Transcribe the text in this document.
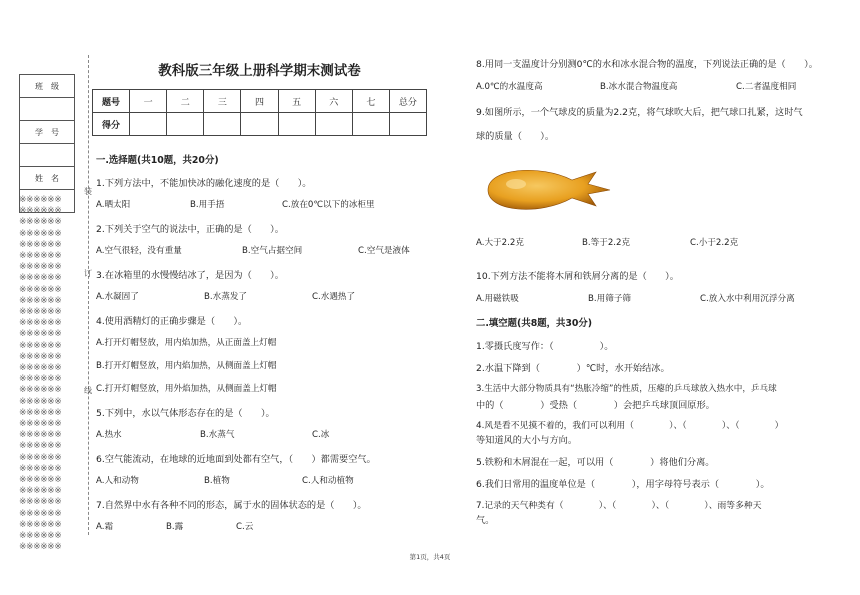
班　级

学　号

姓　名

※※※※※※
※※※※※※
※※※※※※
※※※※※※
※※※※※※
※※※※※※
※※※※※※
※※※※※※
※※※※※※
※※※※※※
※※※※※※
※※※※※※
※※※※※※
※※※※※※
※※※※※※
※※※※※※
※※※※※※
※※※※※※
※※※※※※
※※※※※※
※※※※※※
※※※※※※
※※※※※※
※※※※※※
※※※※※※
※※※※※※
※※※※※※
※※※※※※
※※※※※※
※※※※※※
※※※※※※
※※※※※※
装
订
线
教科版三年级上册科学期末测试卷
题号	一	二	三	四	五	六	七	总分
得分								
一.选择题(共10题，共20分)
1.下列方法中，不能加快冰的融化速度的是（　　）。
A.晒太阳	B.用手捂	C.放在0℃以下的冰柜里
2.下列关于空气的说法中，正确的是（　　）。
A.空气很轻，没有重量	B.空气占据空间	C.空气是液体
3.在冰箱里的水慢慢结冰了，是因为（　　）。
A.水凝固了	B.水蒸发了	C.水遇热了
4.使用酒精灯的正确步骤是（　　）。
A.打开灯帽竖放，用内焰加热，从正面盖上灯帽
B.打开灯帽竖放，用内焰加热，从侧面盖上灯帽
C.打开灯帽竖放，用外焰加热，从侧面盖上灯帽
5.下列中，水以气体形态存在的是（　　）。
A.热水	B.水蒸气	C.冰
6.空气能流动，在地球的近地面到处都有空气，（　　）都需要空气。
A.人和动物	B.植物	C.人和动植物
7.自然界中水有各种不同的形态，属于水的固体状态的是（　　）。
A.霜	B.露	C.云
8.用同一支温度计分别测0℃的水和冰水混合物的温度，下列说法正确的是（　　）。
A.0℃的水温度高	B.冰水混合物温度高	C.二者温度相同
9.如图所示，一个气球皮的质量为2.2克，将气球吹大后，把气球口扎紧，这时气
球的质量（　　）。
A.大于2.2克	B.等于2.2克	C.小于2.2克
10.下列方法不能将木屑和铁屑分离的是（　　）。
A.用磁铁吸	B.用筛子筛	C.放入水中利用沉浮分离
二.填空题(共8题，共30分)
1.零摄氏度写作：（　　　　　）。
2.水温下降到（　　　　）℃时，水开始结冰。
3.生活中大部分物质具有“热胀冷缩”的性质，压瘪的乒乓球放入热水中，乒乓球
中的（　　　　）受热（　　　　）会把乒乓球顶回原形。
4.风是看不见摸不着的，我们可以利用（　　　　）、（　　　　）、（　　　　）
等知道风的大小与方向。
5.铁粉和木屑混在一起，可以用（　　　　）将他们分离。
6.我们日常用的温度单位是（　　　　），用字母符号表示（　　　　）。
7.记录的天气种类有（　　　　）、（　　　　）、（　　　　）、雨等多种天
气。
第1页，共4页
